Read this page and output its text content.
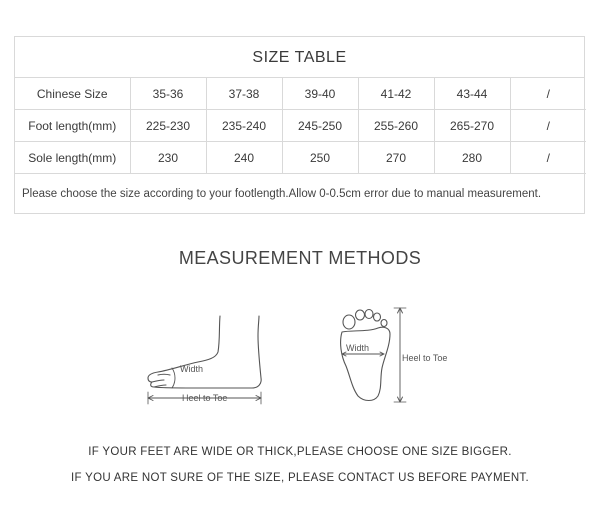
SIZE TABLE
Chinese Size	35-36	37-38	39-40	41-42	43-44	/
Foot length(mm)	225-230	235-240	245-250	255-260	265-270	/
Sole length(mm)	230	240	250	270	280	/
Please choose the size according to your footlength.Allow 0-0.5cm error due to manual measurement.
MEASUREMENT METHODS
Width
Heel to Toe
Width
Heel to Toe
IF YOUR FEET ARE WIDE OR THICK,PLEASE CHOOSE ONE SIZE BIGGER.
IF YOU ARE NOT SURE OF THE SIZE, PLEASE CONTACT US BEFORE PAYMENT.
